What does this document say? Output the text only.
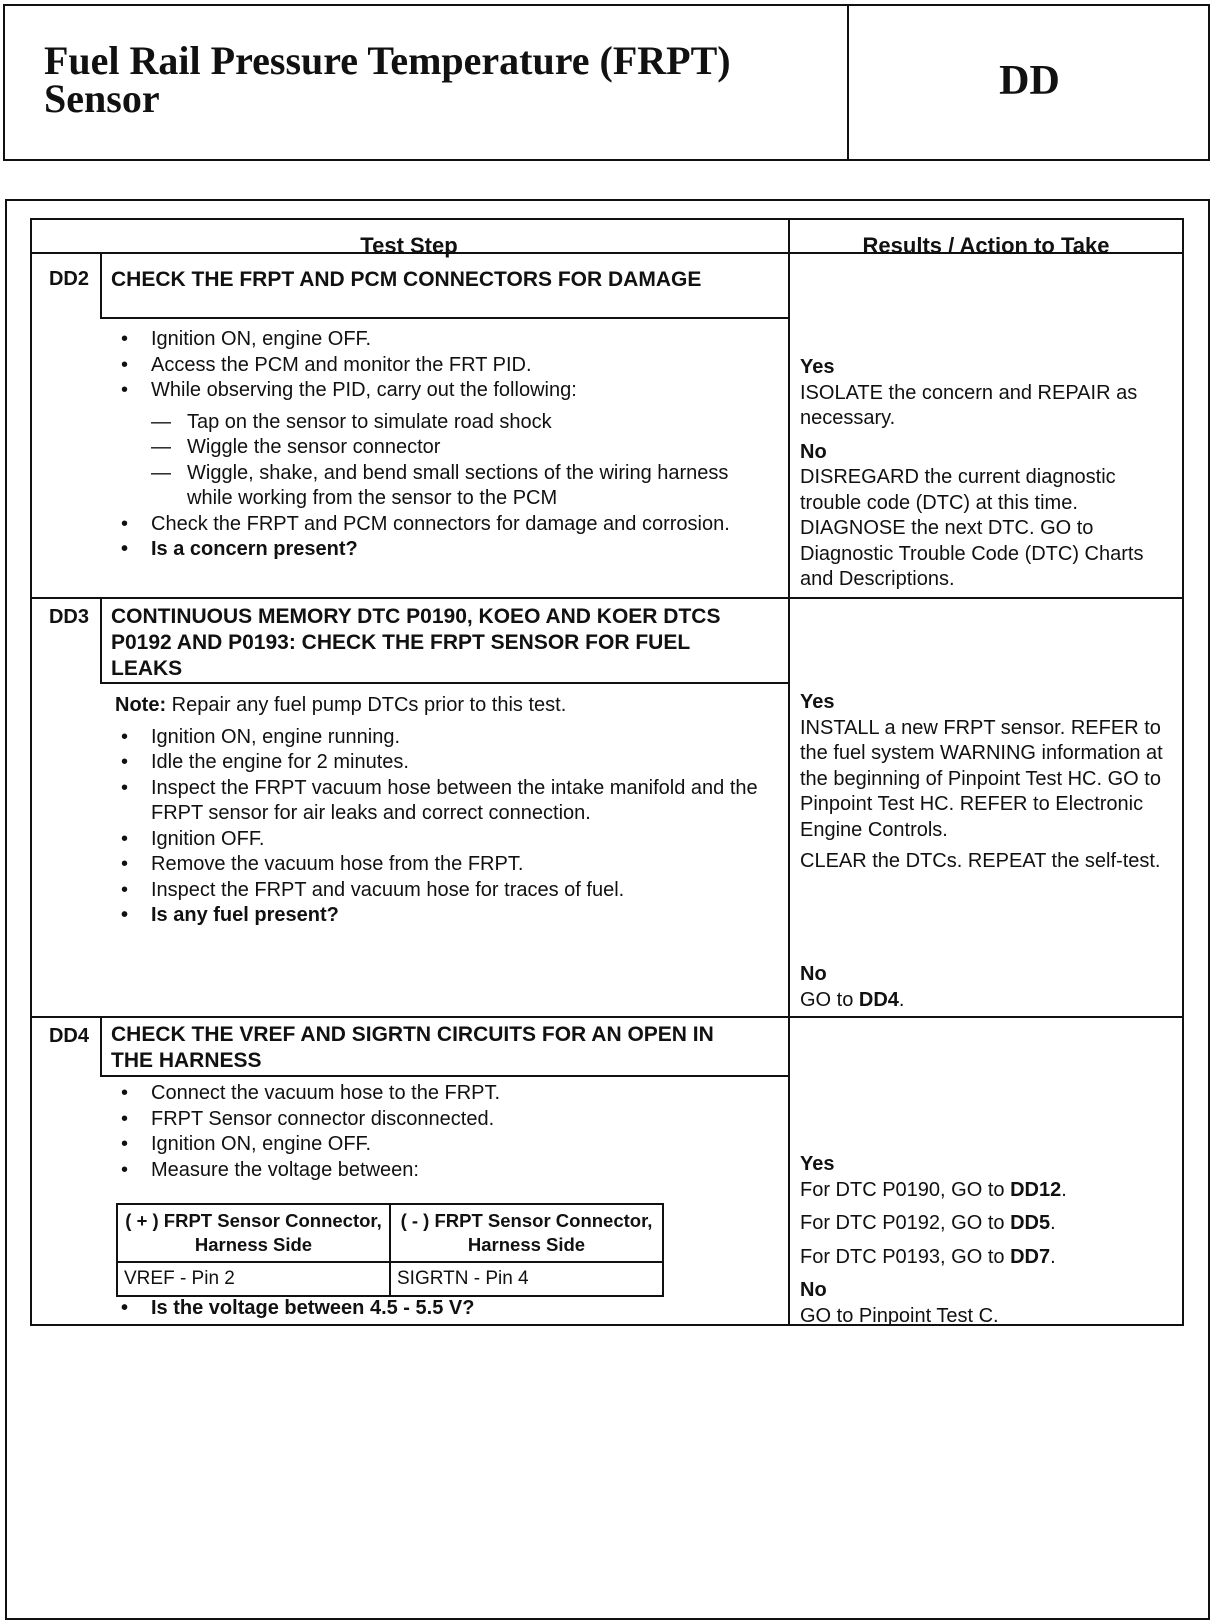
Fuel Rail Pressure Temperature (FRPT)
Sensor	DD
Test Step	Results / Action to Take
DD2	CHECK THE FRPT AND PCM CONNECTORS FOR DAMAGE
• Ignition ON, engine OFF.
• Access the PCM and monitor the FRT PID.
• While observing the PID, carry out the following:
— Tap on the sensor to simulate road shock
— Wiggle the sensor connector
— Wiggle, shake, and bend small sections of the wiring harness while working from the sensor to the PCM
• Check the FRPT and PCM connectors for damage and corrosion.
• Is a concern present?
Yes
ISOLATE the concern and REPAIR as necessary.
No
DISREGARD the current diagnostic trouble code (DTC) at this time. DIAGNOSE the next DTC. GO to Diagnostic Trouble Code (DTC) Charts and Descriptions.
DD3	CONTINUOUS MEMORY DTC P0190, KOEO AND KOER DTCS P0192 AND P0193: CHECK THE FRPT SENSOR FOR FUEL LEAKS
Note: Repair any fuel pump DTCs prior to this test.
• Ignition ON, engine running.
• Idle the engine for 2 minutes.
• Inspect the FRPT vacuum hose between the intake manifold and the FRPT sensor for air leaks and correct connection.
• Ignition OFF.
• Remove the vacuum hose from the FRPT.
• Inspect the FRPT and vacuum hose for traces of fuel.
• Is any fuel present?
Yes
INSTALL a new FRPT sensor. REFER to the fuel system WARNING information at the beginning of Pinpoint Test HC. GO to Pinpoint Test HC. REFER to Electronic Engine Controls.
CLEAR the DTCs. REPEAT the self-test.
No
GO to DD4.
DD4	CHECK THE VREF AND SIGRTN CIRCUITS FOR AN OPEN IN THE HARNESS
• Connect the vacuum hose to the FRPT.
• FRPT Sensor connector disconnected.
• Ignition ON, engine OFF.
• Measure the voltage between:
( + ) FRPT Sensor Connector, Harness Side	( - ) FRPT Sensor Connector, Harness Side
VREF - Pin 2	SIGRTN - Pin 4
• Is the voltage between 4.5 - 5.5 V?
Yes
For DTC P0190, GO to DD12.
For DTC P0192, GO to DD5.
For DTC P0193, GO to DD7.
No
GO to Pinpoint Test C.
